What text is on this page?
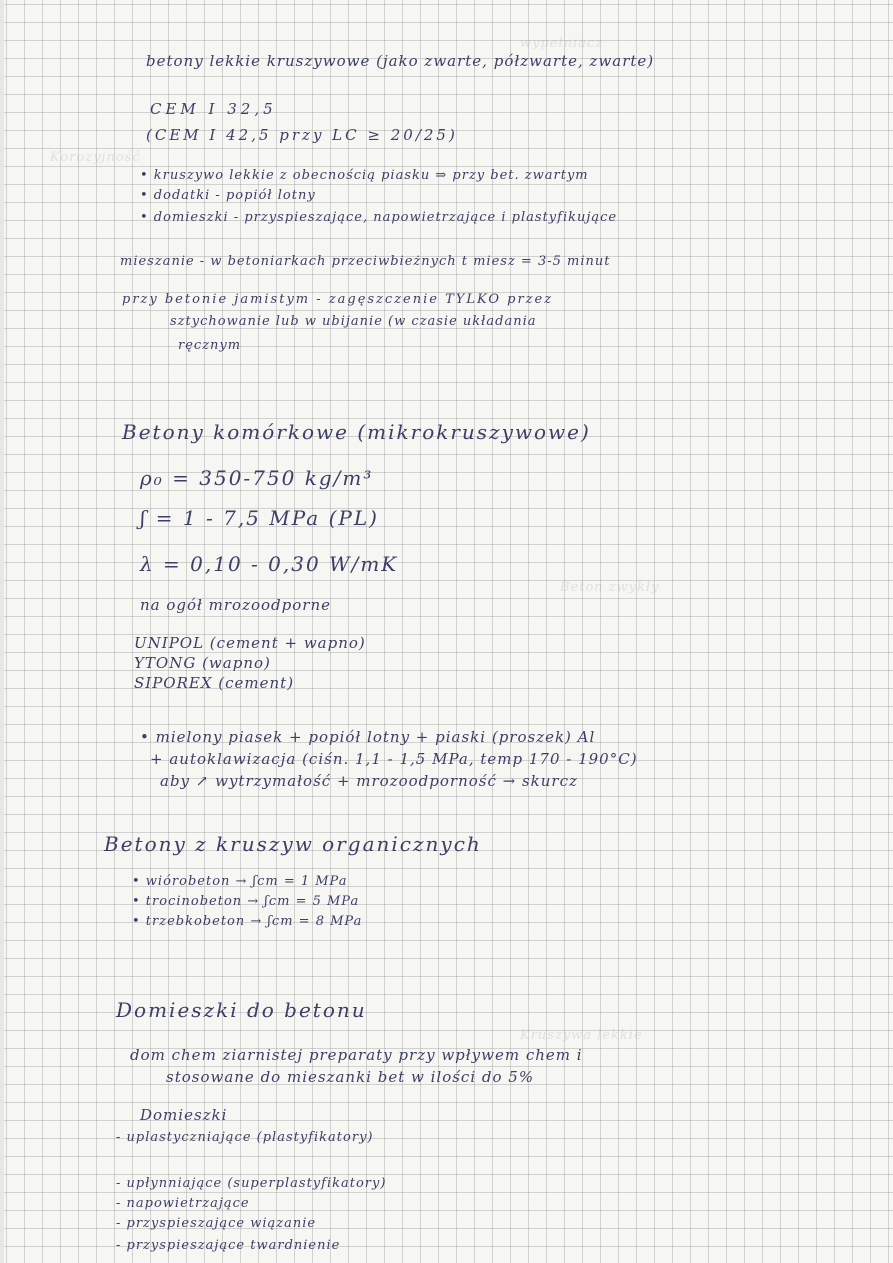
wypełniacz
Korozyjność
Beton zwykły
Kruszywa lekkie
betony lekkie kruszywowe (jako zwarte, półzwarte, zwarte)
CEM I 32,5
(CEM I 42,5 przy LC ≥ 20/25)
• kruszywo lekkie z obecnością piasku ⇒ przy bet. zwartym
• dodatki - popiół lotny
• domieszki - przyspieszające, napowietrzające i plastyfikujące
mieszanie - w betoniarkach przeciwbieżnych t miesz = 3-5 minut
przy betonie jamistym - zagęszczenie TYLKO przez
sztychowanie lub w ubijanie (w czasie układania
ręcznym
Betony komórkowe (mikrokruszywowe)
ρ₀ = 350-750 kg/m³
ʃ = 1 - 7,5 MPa (PL)
λ = 0,10 - 0,30 W/mK
na ogół mrozoodporne
UNIPOL (cement + wapno)
YTONG (wapno)
SIPOREX (cement)
• mielony piasek + popiół lotny + piaski (proszek) Al
+ autoklawizacja (ciśn. 1,1 - 1,5 MPa, temp 170 - 190°C)
aby ↗ wytrzymałość + mrozoodporność → skurcz
Betony z kruszyw organicznych
• wiórobeton → ʃcm = 1 MPa
• trocinobeton → ʃcm = 5 MPa
• trzebkobeton → ʃcm = 8 MPa
Domieszki do betonu
dom chem ziarnistej preparaty przy wpływem chem i
stosowane do mieszanki bet w ilości do 5%
Domieszki
- uplastyczniające (plastyfikatory)
- upłynniające (superplastyfikatory)
- napowietrzające
- przyspieszające wiązanie
- przyspieszające twardnienie
